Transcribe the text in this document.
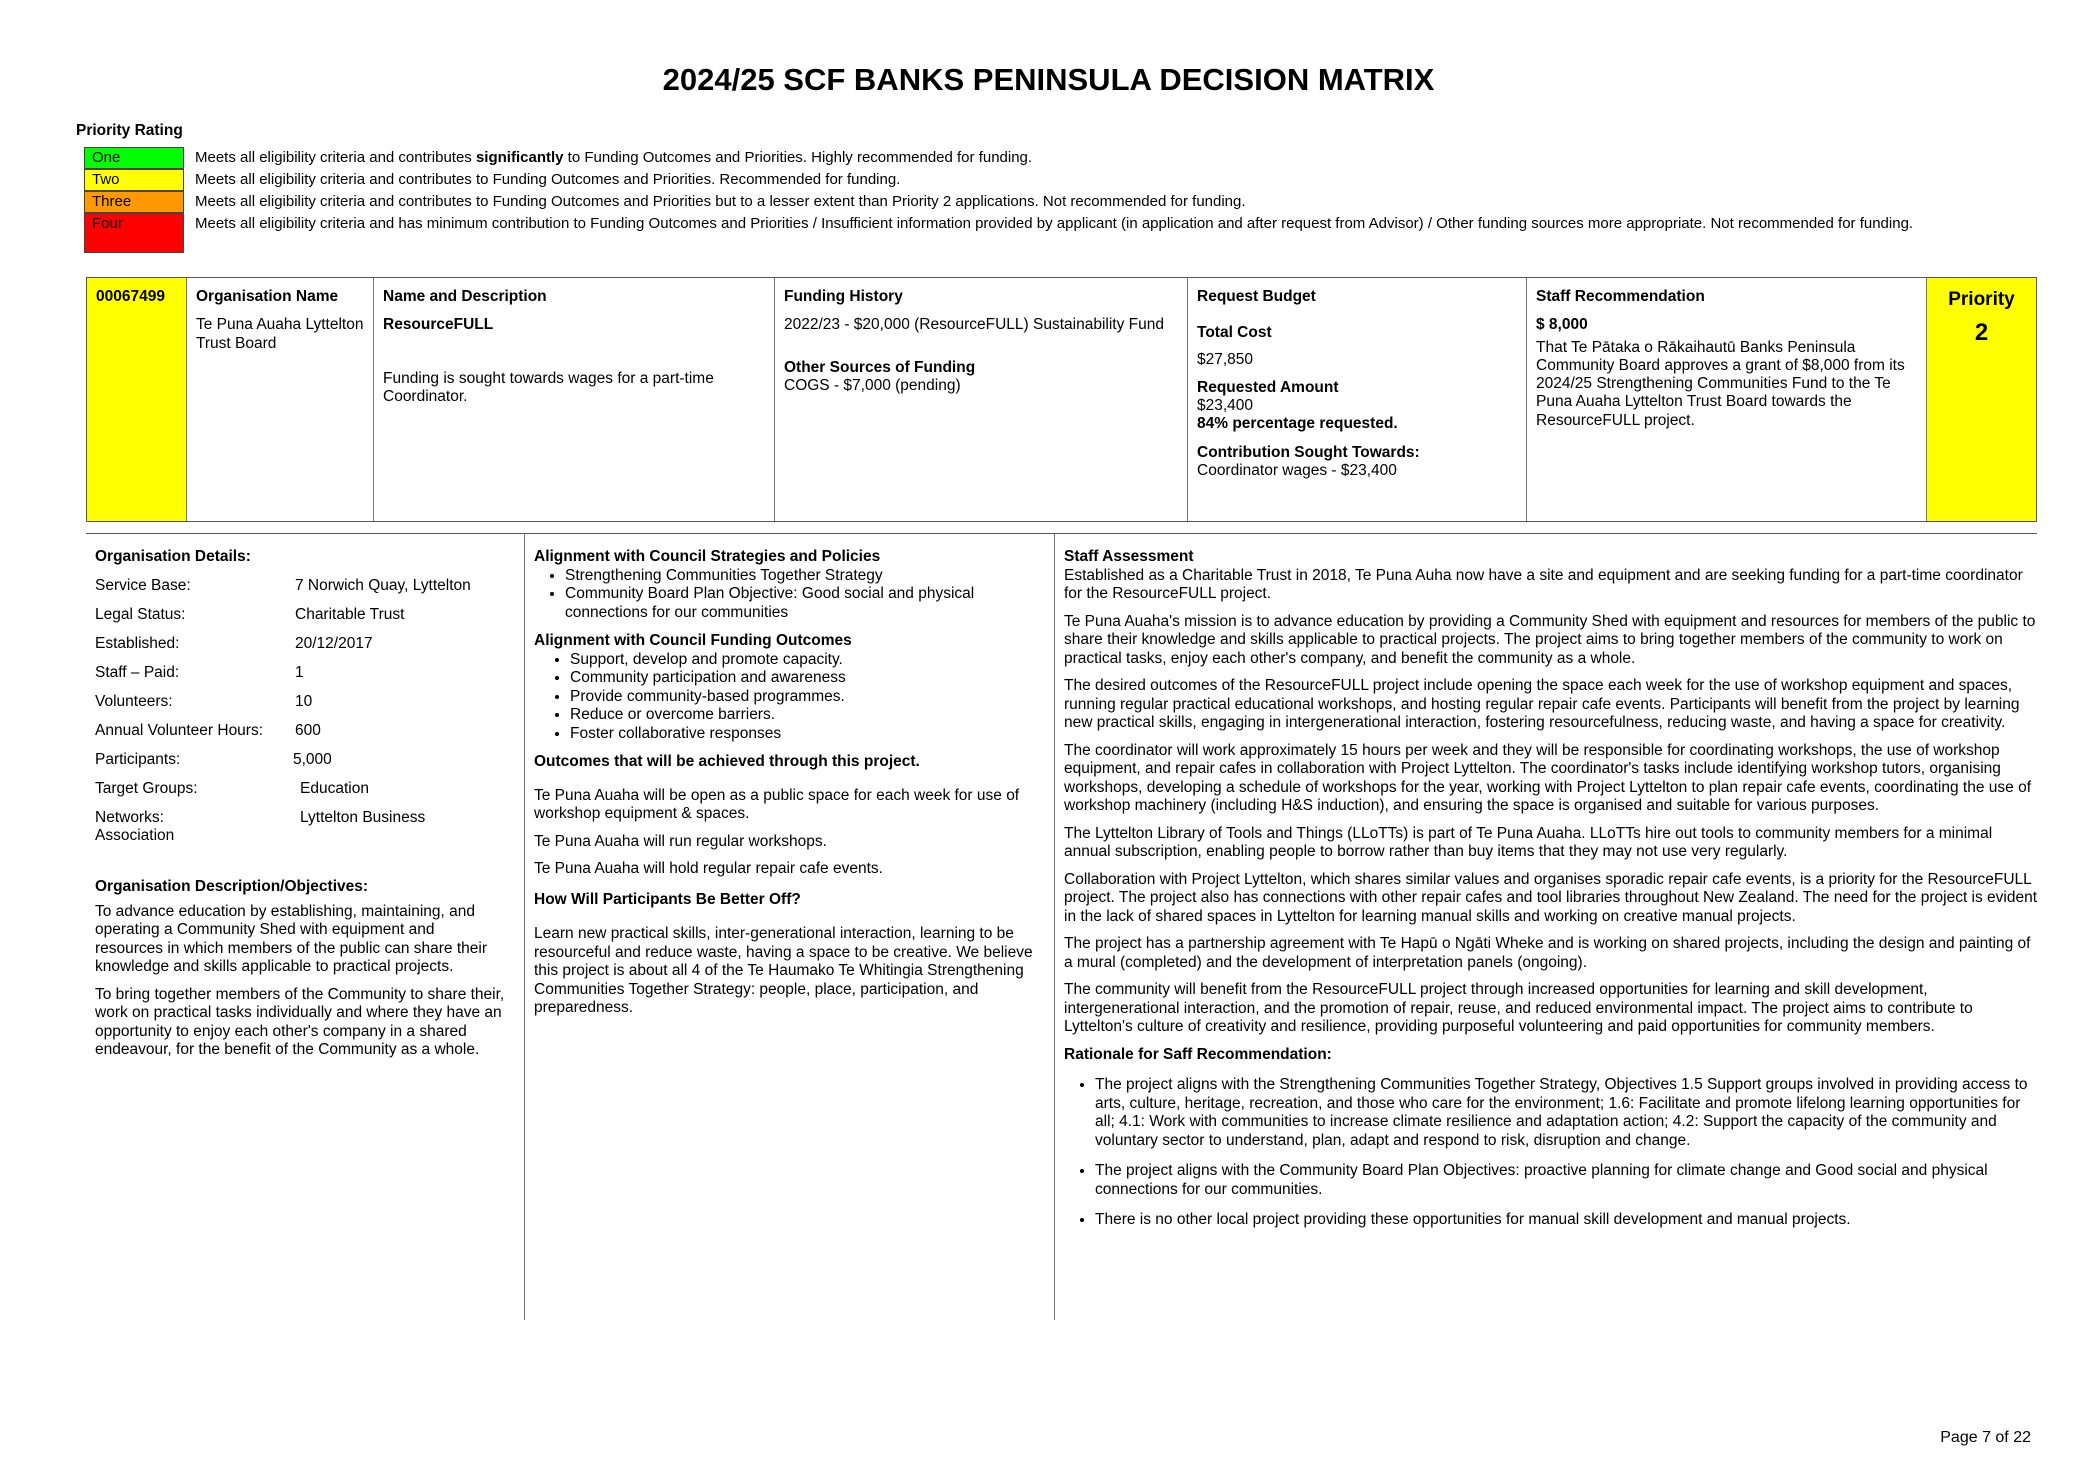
2024/25 SCF BANKS PENINSULA DECISION MATRIX
Priority Rating
One	Meets all eligibility criteria and contributes significantly to Funding Outcomes and Priorities. Highly recommended for funding.
Two	Meets all eligibility criteria and contributes to Funding Outcomes and Priorities. Recommended for funding.
Three	Meets all eligibility criteria and contributes to Funding Outcomes and Priorities but to a lesser extent than Priority 2 applications. Not recommended for funding.
Four	Meets all eligibility criteria and has minimum contribution to Funding Outcomes and Priorities / Insufficient information provided by applicant (in application and after request from Advisor) / Other funding sources more appropriate. Not recommended for funding.
00067499	Organisation Name
Te Puna Auaha Lyttelton Trust Board
Name and Description
ResourceFULL
Funding is sought towards wages for a part-time Coordinator.
Funding History
2022/23 - $20,000 (ResourceFULL) Sustainability Fund
Other Sources of Funding
COGS - $7,000 (pending)
Request Budget
Total Cost
$27,850
Requested Amount
$23,400
84% percentage requested.
Contribution Sought Towards:
Coordinator wages - $23,400
Staff Recommendation
$ 8,000
That Te Pātaka o Rākaihautū Banks Peninsula Community Board approves a grant of $8,000 from its 2024/25 Strengthening Communities Fund to the Te Puna Auaha Lyttelton Trust Board towards the ResourceFULL project.
Priority
2
Organisation Details:
Service Base:	7 Norwich Quay, Lyttelton
Legal Status:	Charitable Trust
Established:	20/12/2017
Staff – Paid:	1
Volunteers:	10
Annual Volunteer Hours: 600
Participants:	5,000
Target Groups:	Education
Networks:	Lyttelton Business
Association
Organisation Description/Objectives:

To advance education by establishing, maintaining, and operating a Community Shed with equipment and resources in which members of the public can share their knowledge and skills applicable to practical projects.

To bring together members of the Community to share their, work on practical tasks individually and where they have an opportunity to enjoy each other's company in a shared endeavour, for the benefit of the Community as a whole.

Alignment with Council Strategies and Policies
• Strengthening Communities Together Strategy
• Community Board Plan Objective: Good social and physical connections for our communities
Alignment with Council Funding Outcomes
• Support, develop and promote capacity.
• Community participation and awareness
• Provide community-based programmes.
• Reduce or overcome barriers.
• Foster collaborative responses
Outcomes that will be achieved through this project.

Te Puna Auaha will be open as a public space for each week for use of workshop equipment & spaces.

Te Puna Auaha will run regular workshops.

Te Puna Auaha will hold regular repair cafe events.

How Will Participants Be Better Off?

Learn new practical skills, inter-generational interaction, learning to be resourceful and reduce waste, having a space to be creative. We believe this project is about all 4 of the Te Haumako Te Whitingia Strengthening Communities Together Strategy: people, place, participation, and preparedness.

Staff Assessment

Established as a Charitable Trust in 2018, Te Puna Auha now have a site and equipment and are seeking funding for a part-time coordinator for the ResourceFULL project.

Te Puna Auaha's mission is to advance education by providing a Community Shed with equipment and resources for members of the public to share their knowledge and skills applicable to practical projects. The project aims to bring together members of the community to work on practical tasks, enjoy each other's company, and benefit the community as a whole.

The desired outcomes of the ResourceFULL project include opening the space each week for the use of workshop equipment and spaces, running regular practical educational workshops, and hosting regular repair cafe events. Participants will benefit from the project by learning new practical skills, engaging in intergenerational interaction, fostering resourcefulness, reducing waste, and having a space for creativity.

The coordinator will work approximately 15 hours per week and they will be responsible for coordinating workshops, the use of workshop equipment, and repair cafes in collaboration with Project Lyttelton. The coordinator's tasks include identifying workshop tutors, organising workshops, developing a schedule of workshops for the year, working with Project Lyttelton to plan repair cafe events, coordinating the use of workshop machinery (including H&S induction), and ensuring the space is organised and suitable for various purposes.

The Lyttelton Library of Tools and Things (LLoTTs) is part of Te Puna Auaha. LLoTTs hire out tools to community members for a minimal annual subscription, enabling people to borrow rather than buy items that they may not use very regularly.

Collaboration with Project Lyttelton, which shares similar values and organises sporadic repair cafe events, is a priority for the ResourceFULL project. The project also has connections with other repair cafes and tool libraries throughout New Zealand. The need for the project is evident in the lack of shared spaces in Lyttelton for learning manual skills and working on creative manual projects.

The project has a partnership agreement with Te Hapū o Ngāti Wheke and is working on shared projects, including the design and painting of a mural (completed) and the development of interpretation panels (ongoing).

The community will benefit from the ResourceFULL project through increased opportunities for learning and skill development, intergenerational interaction, and the promotion of repair, reuse, and reduced environmental impact. The project aims to contribute to Lyttelton's culture of creativity and resilience, providing purposeful volunteering and paid opportunities for community members.

Rationale for Saff Recommendation:
• The project aligns with the Strengthening Communities Together Strategy, Objectives 1.5 Support groups involved in providing access to arts, culture, heritage, recreation, and those who care for the environment; 1.6: Facilitate and promote lifelong learning opportunities for all; 4.1: Work with communities to increase climate resilience and adaptation action; 4.2: Support the capacity of the community and voluntary sector to understand, plan, adapt and respond to risk, disruption and change.
• The project aligns with the Community Board Plan Objectives: proactive planning for climate change and Good social and physical connections for our communities.
• There is no other local project providing these opportunities for manual skill development and manual projects.
Page 7 of 22
